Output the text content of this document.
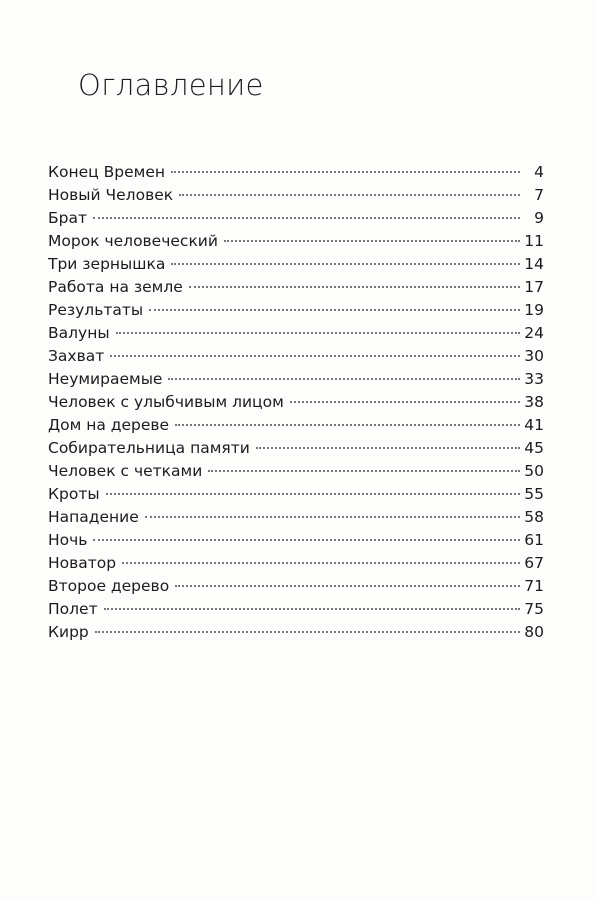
Оглавление
Конец Времен	4
Новый Человек	7
Брат	9
Морок человеческий	11
Три зернышка	14
Работа на земле	17
Результаты	19
Валуны	24
Захват	30
Неумираемые	33
Человек с улыбчивым лицом	38
Дом на дереве	41
Собирательница памяти	45
Человек с четками	50
Кроты	55
Нападение	58
Ночь	61
Новатор	67
Второе дерево	71
Полет	75
Кирр	80
